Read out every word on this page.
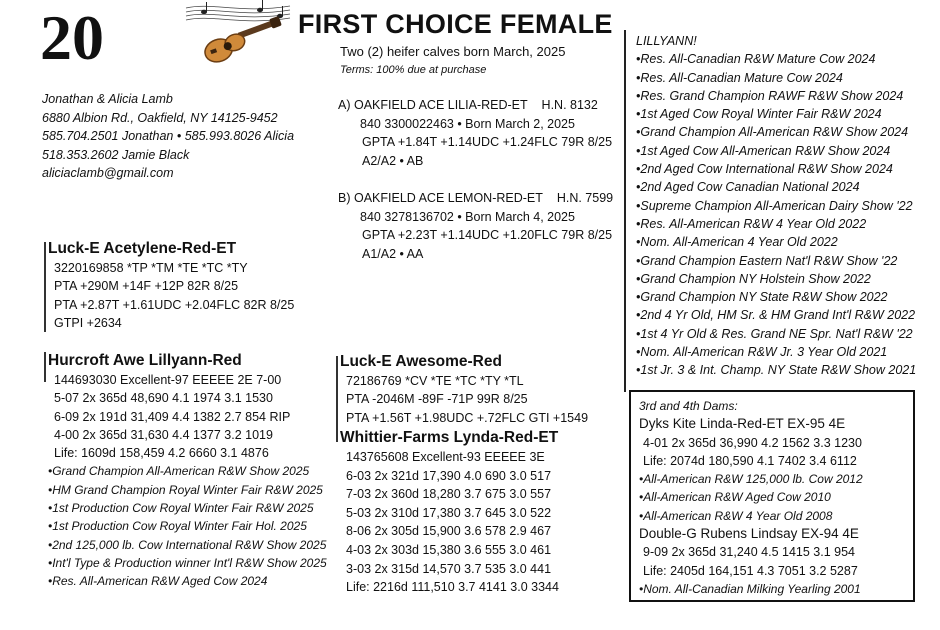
20	FIRST CHOICE FEMALE
Two (2) heifer calves born March, 2025
Terms: 100% due at purchase
Jonathan & Alicia Lamb
6880 Albion Rd., Oakfield, NY 14125-9452
585.704.2501 Jonathan • 585.993.8026 Alicia
518.353.2602 Jamie Black
aliciaclamb@gmail.com
A) OAKFIELD ACE LILIA-RED-ET H.N. 8132
840 3300022463 • Born March 2, 2025
GPTA +1.84T +1.14UDC +1.24FLC 79R 8/25
A2/A2 • AB
B) OAKFIELD ACE LEMON-RED-ET H.N. 7599
840 3278136702 • Born March 4, 2025
GPTA +2.23T +1.14UDC +1.20FLC 79R 8/25
A1/A2 • AA
Luck-E Acetylene-Red-ET
3220169858 *TP *TM *TE *TC *TY
PTA +290M +14F +12P 82R 8/25
PTA +2.87T +1.61UDC +2.04FLC 82R 8/25
GTPI +2634
Hurcroft Awe Lillyann-Red
144693030 Excellent-97 EEEEE 2E 7-00
5-07 2x 365d 48,690 4.1 1974 3.1 1530
6-09 2x 191d 31,409 4.4 1382 2.7 854 RIP
4-00 2x 365d 31,630 4.4 1377 3.2 1019
Life: 1609d 158,459 4.2 6660 3.1 4876
•Grand Champion All-American R&W Show 2025
•HM Grand Champion Royal Winter Fair R&W 2025
•1st Production Cow Royal Winter Fair R&W 2025
•1st Production Cow Royal Winter Fair Hol. 2025
•2nd 125,000 lb. Cow International R&W Show 2025
•Int'l Type & Production winner Int'l R&W Show 2025
•Res. All-American R&W Aged Cow 2024
Luck-E Awesome-Red
72186769 *CV *TE *TC *TY *TL
PTA -2046M -89F -71P 99R 8/25
PTA +1.56T +1.98UDC +.72FLC GTI +1549
Whittier-Farms Lynda-Red-ET
143765608 Excellent-93 EEEEE 3E
6-03 2x 321d 17,390 4.0 690 3.0 517
7-03 2x 360d 18,280 3.7 675 3.0 557
5-03 2x 310d 17,380 3.7 645 3.0 522
8-06 2x 305d 15,900 3.6 578 2.9 467
4-03 2x 303d 15,380 3.6 555 3.0 461
3-03 2x 315d 14,570 3.7 535 3.0 441
Life: 2216d 111,510 3.7 4141 3.0 3344
LILLYANN!
•Res. All-Canadian R&W Mature Cow 2024
•Res. All-Canadian Mature Cow 2024
•Res. Grand Champion RAWF R&W Show 2024
•1st Aged Cow Royal Winter Fair R&W 2024
•Grand Champion All-American R&W Show 2024
•1st Aged Cow All-American R&W Show 2024
•2nd Aged Cow International R&W Show 2024
•2nd Aged Cow Canadian National 2024
•Supreme Champion All-American Dairy Show '22
•Res. All-American R&W 4 Year Old 2022
•Nom. All-American 4 Year Old 2022
•Grand Champion Eastern Nat'l R&W Show '22
•Grand Champion NY Holstein Show 2022
•Grand Champion NY State R&W Show 2022
•2nd 4 Yr Old, HM Sr. & HM Grand Int'l R&W 2022
•1st 4 Yr Old & Res. Grand NE Spr. Nat'l R&W '22
•Nom. All-American R&W Jr. 3 Year Old 2021
•1st Jr. 3 & Int. Champ. NY State R&W Show 2021
3rd and 4th Dams:
Dyks Kite Linda-Red-ET EX-95 4E
4-01 2x 365d 36,990 4.2 1562 3.3 1230
Life: 2074d 180,590 4.1 7402 3.4 6112
•All-American R&W 125,000 lb. Cow 2012
•All-American R&W Aged Cow 2010
•All-American R&W 4 Year Old 2008
Double-G Rubens Lindsay EX-94 4E
9-09 2x 365d 31,240 4.5 1415 3.1 954
Life: 2405d 164,151 4.3 7051 3.2 5287
•Nom. All-Canadian Milking Yearling 2001
